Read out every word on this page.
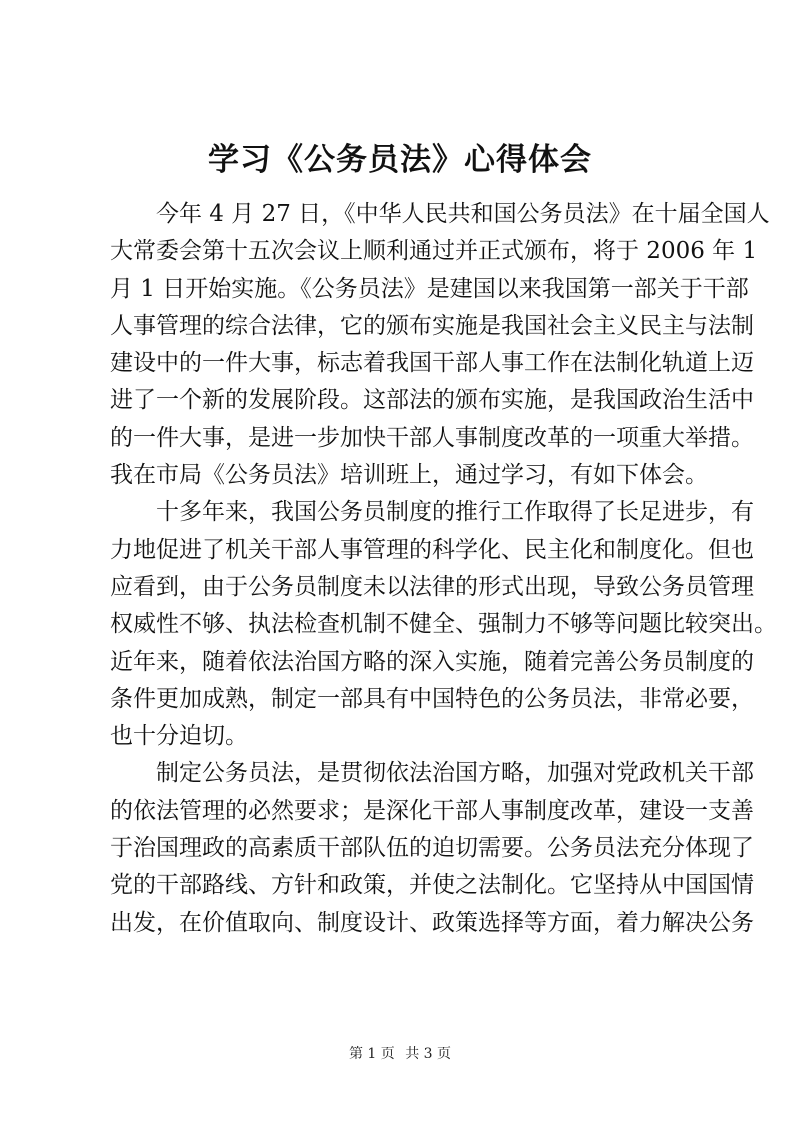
学习《公务员法》心得体会
今年 4 月 27 日，《中华人民共和国公务员法》在十届全国人
大常委会第十五次会议上顺利通过并正式颁布，将于 2006 年 1
月 1 日开始实施。《公务员法》是建国以来我国第一部关于干部
人事管理的综合法律，它的颁布实施是我国社会主义民主与法制
建设中的一件大事，标志着我国干部人事工作在法制化轨道上迈
进了一个新的发展阶段。这部法的颁布实施，是我国政治生活中
的一件大事，是进一步加快干部人事制度改革的一项重大举措。
我在市局《公务员法》培训班上，通过学习，有如下体会。
十多年来，我国公务员制度的推行工作取得了长足进步，有
力地促进了机关干部人事管理的科学化、民主化和制度化。但也
应看到，由于公务员制度未以法律的形式出现，导致公务员管理
权威性不够、执法检查机制不健全、强制力不够等问题比较突出。
近年来，随着依法治国方略的深入实施，随着完善公务员制度的
条件更加成熟，制定一部具有中国特色的公务员法，非常必要，
也十分迫切。
制定公务员法，是贯彻依法治国方略，加强对党政机关干部
的依法管理的必然要求；是深化干部人事制度改革，建设一支善
于治国理政的高素质干部队伍的迫切需要。公务员法充分体现了
党的干部路线、方针和政策，并使之法制化。它坚持从中国国情
出发，在价值取向、制度设计、政策选择等方面，着力解决公务
第 1 页 共 3 页
